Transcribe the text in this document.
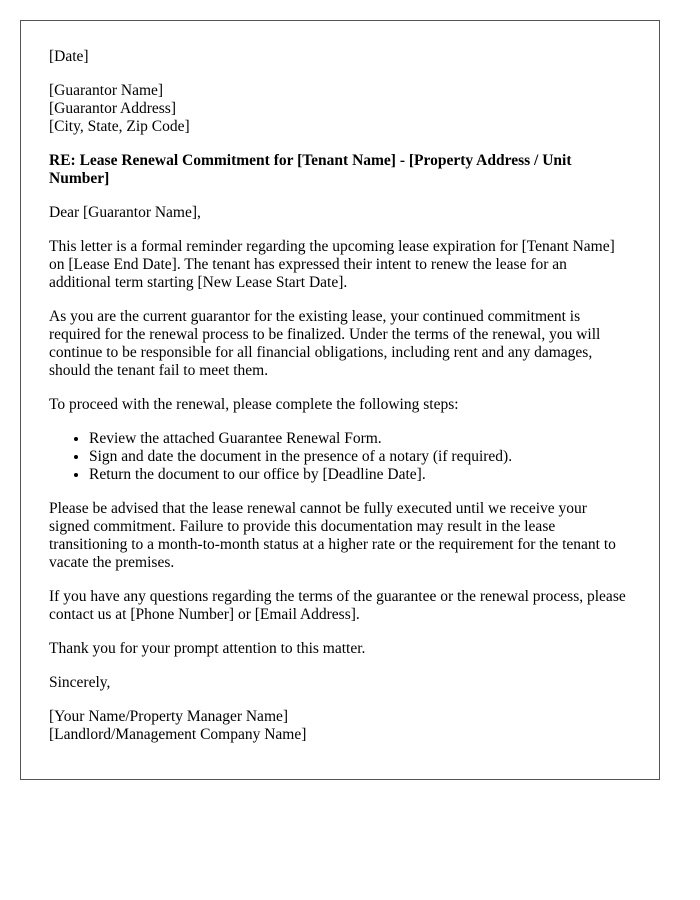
[Date]
[Guarantor Name]
[Guarantor Address]
[City, State, Zip Code]

RE: Lease Renewal Commitment for [Tenant Name] - [Property Address / Unit Number]

Dear [Guarantor Name],

This letter is a formal reminder regarding the upcoming lease expiration for [Tenant Name] on [Lease End Date]. The tenant has expressed their intent to renew the lease for an additional term starting [New Lease Start Date].

As you are the current guarantor for the existing lease, your continued commitment is required for the renewal process to be finalized. Under the terms of the renewal, you will continue to be responsible for all financial obligations, including rent and any damages, should the tenant fail to meet them.

To proceed with the renewal, please complete the following steps:

• Review the attached Guarantee Renewal Form.
• Sign and date the document in the presence of a notary (if required).
• Return the document to our office by [Deadline Date].

Please be advised that the lease renewal cannot be fully executed until we receive your signed commitment. Failure to provide this documentation may result in the lease transitioning to a month-to-month status at a higher rate or the requirement for the tenant to vacate the premises.

If you have any questions regarding the terms of the guarantee or the renewal process, please contact us at [Phone Number] or [Email Address].

Thank you for your prompt attention to this matter.

Sincerely,

[Your Name/Property Manager Name]
[Landlord/Management Company Name]
